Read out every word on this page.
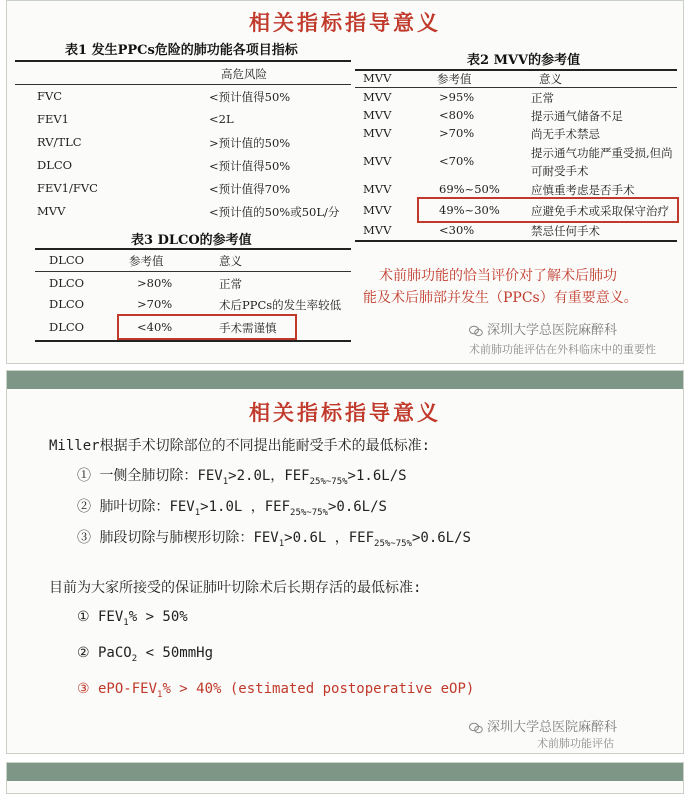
相关指标指导意义
表1 发生PPCs危险的肺功能各项目指标
高危风险
FVC	<预计值得50%
FEV1	<2L
RV/TLC	>预计值的50%
DLCO	<预计值得50%
FEV1/FVC	<预计值得70%
MVV	<预计值的50%或50L/分
表3 DLCO的参考值
DLCO	参考值	意义
DLCO	>80%	正常
DLCO	>70%	术后PPCs的发生率较低
DLCO	<40%	手术需谨慎
表2 MVV的参考值
MVV	参考值	意义
MVV	>95%	正常
MVV	<80%	提示通气储备不足
MVV	>70%	尚无手术禁忌
MVV	<70%
提示通气功能严重受损,但尚
可耐受手术
MVV	69%~50%	应慎重考虑是否手术
MVV	49%~30%	应避免手术或采取保守治疗
MVV	<30%	禁忌任何手术
术前肺功能的恰当评价对了解术后肺功
能及术后肺部并发生（PPCs）有重要意义。
深圳大学总医院麻醉科
术前肺功能评估在外科临床中的重要性
相关指标指导意义
Miller根据手术切除部位的不同提出能耐受手术的最低标准:
① 一侧全肺切除：$FEV_1>2.0L$，$FEF_{25\%\sim 75\%}>1.6L/S$
② 肺叶切除：$FEV_1>1.0L$ ，$FEF_{25\%\sim 75\%}>0.6L/S$
③ 肺段切除与肺楔形切除：$FEV_1>0.6L$ ，$FEF_{25\%\sim 75\%}>0.6L/S$
目前为大家所接受的保证肺叶切除术后长期存活的最低标准:
① $FEV_1\% > 50\%$
② PaCO$_2$ < 50mmHg
③ ePO-$FEV_1\% > 40\%$ (estimated postoperative eOP)
深圳大学总医院麻醉科
术前肺功能评估
